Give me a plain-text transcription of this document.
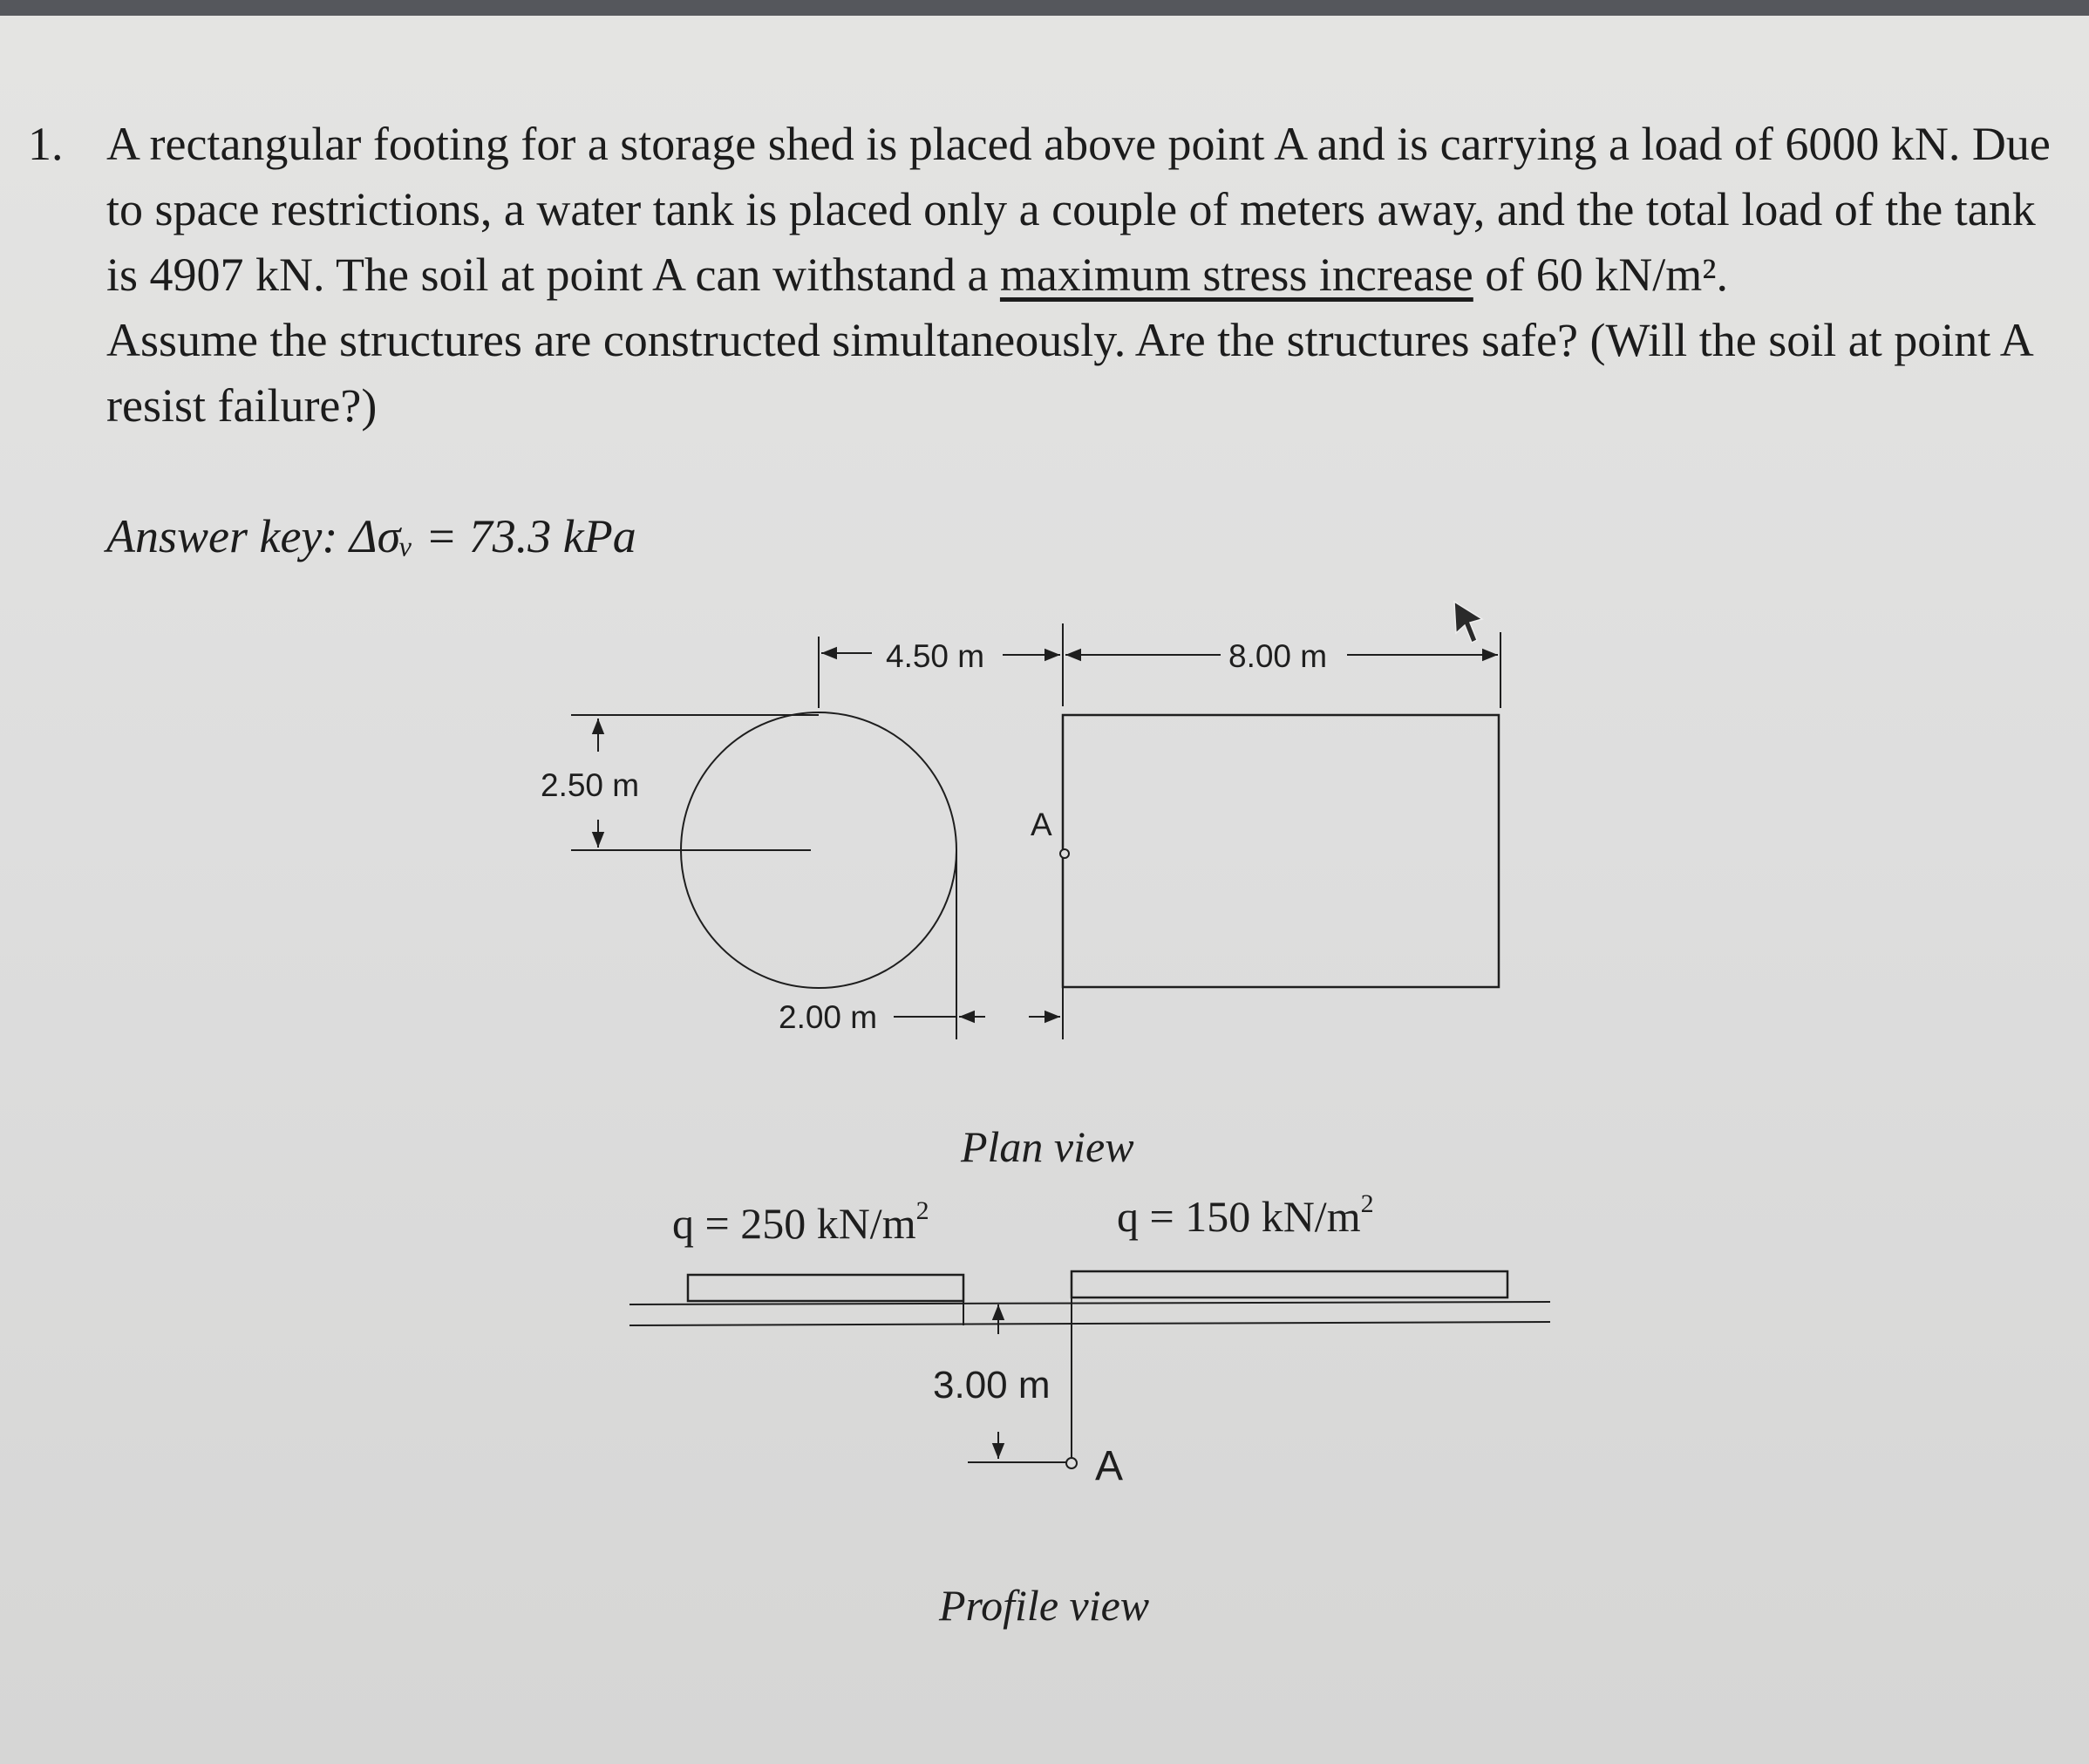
1. A rectangular footing for a storage shed is placed above point A and is carrying a load of 6000 kN. Due to space restrictions, a water tank is placed only a couple of meters away, and the total load of the tank is 4907 kN. The soil at point A can withstand a maximum stress increase of 60 kN/m².
Assume the structures are constructed simultaneously. Are the structures safe? (Will the soil at point A resist failure?)
Answer key: Δσᵥ = 73.3 kPa
4.50 m	8.00 m
2.50 m
2.00 m
A
Plan view
q = 250 $kN/m^2$	q = 150 $kN/m^2$
3.00 m
A
Profile view
